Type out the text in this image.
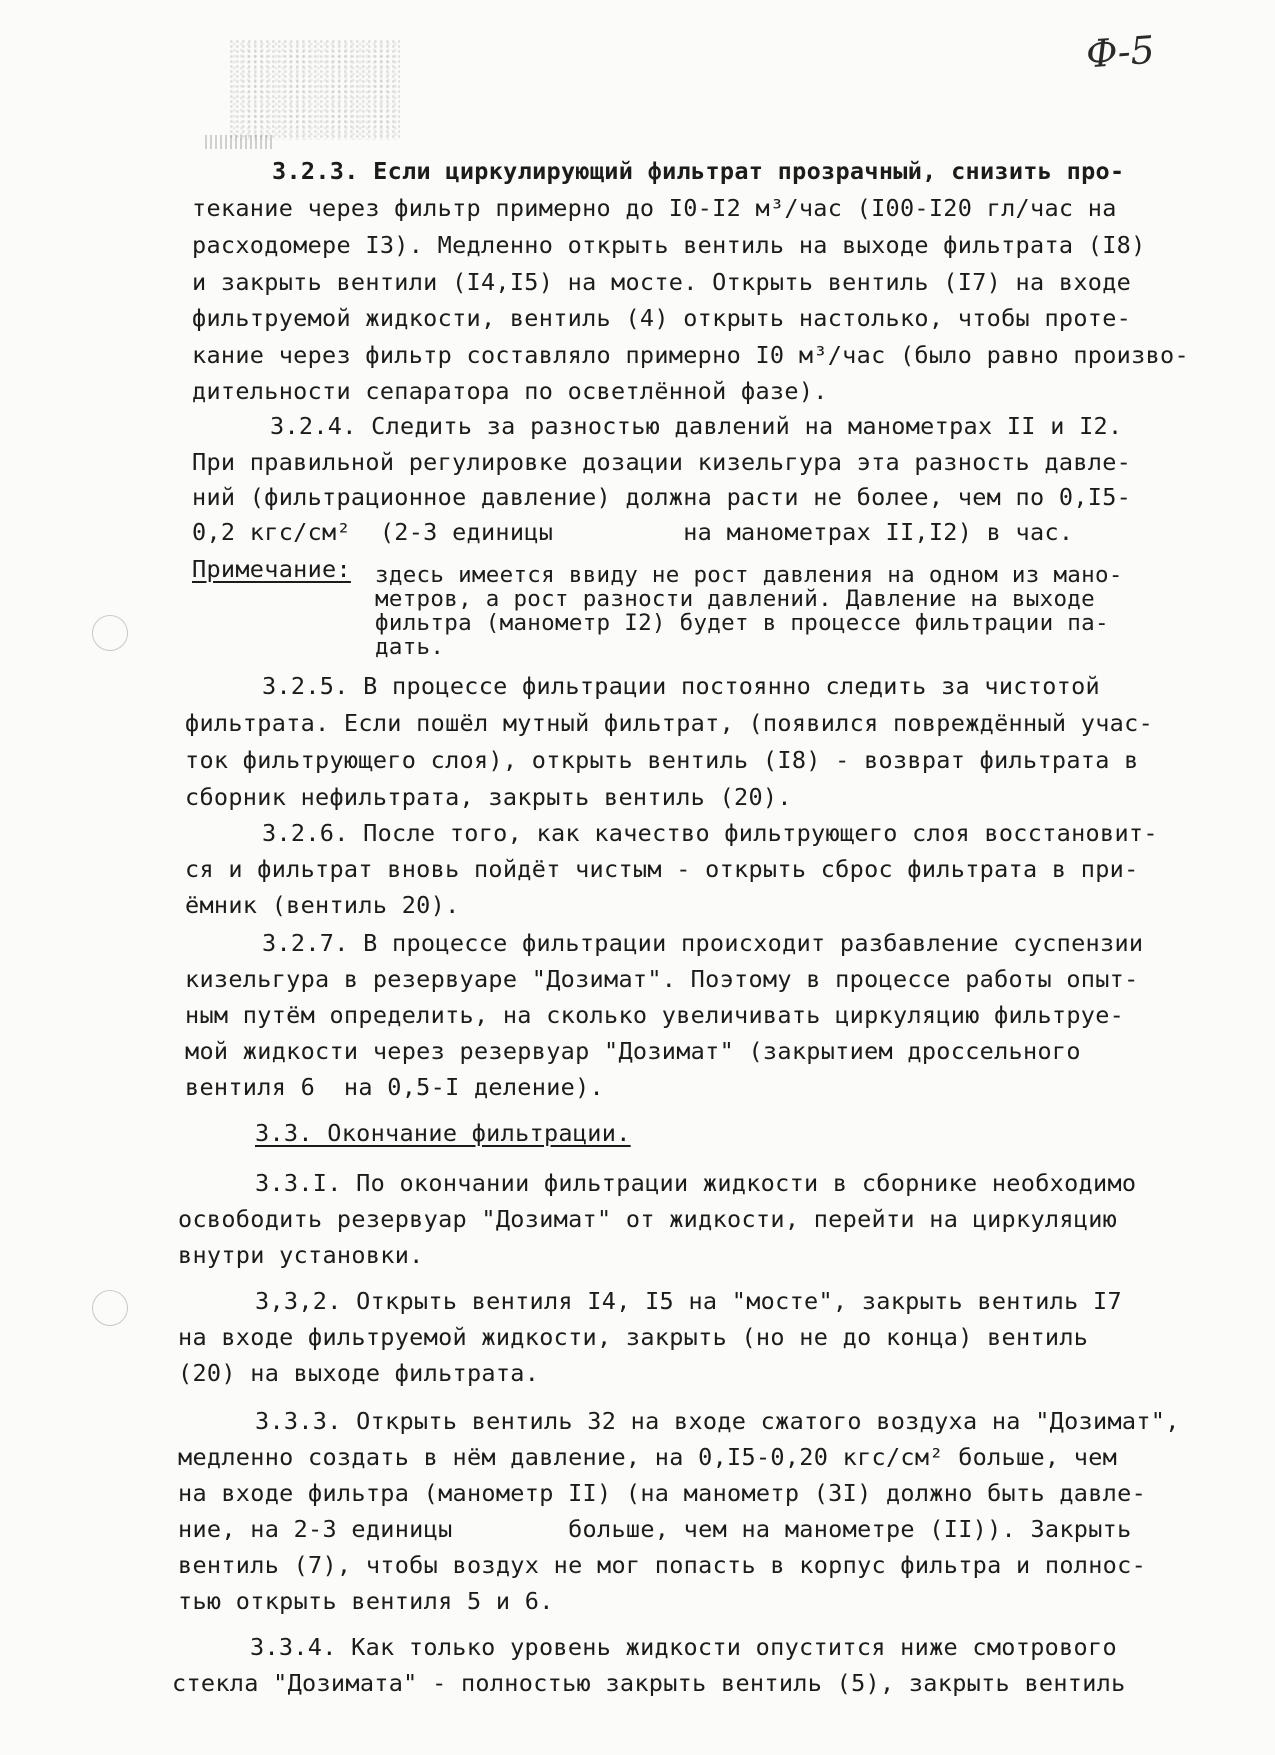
Ф-5
3.2.3. Если циркулирующий фильтрат прозрачный, снизить про-
текание через фильтр примерно до I0-I2 м³/час (I00-I20 гл/час на
расходомере I3). Медленно открыть вентиль на выходе фильтрата (I8)
и закрыть вентили (I4,I5) на мосте. Открыть вентиль (I7) на входе
фильтруемой жидкости, вентиль (4) открыть настолько, чтобы проте-
кание через фильтр составляло примерно I0 м³/час (было равно произво-
дительности сепаратора по осветлённой фазе).
3.2.4. Следить за разностью давлений на манометрах II и I2.
При правильной регулировке дозации кизельгура эта разность давле-
ний (фильтрационное давление) должна расти не более, чем по 0,I5-
0,2 кгс/см²  (2-3 единицы         на манометрах II,I2) в час.
Примечание: здесь имеется ввиду не рост давления на одном из мано-
метров, а рост разности давлений. Давление на выходе
фильтра (манометр I2) будет в процессе фильтрации па-
дать.
3.2.5. В процессе фильтрации постоянно следить за чистотой
фильтрата. Если пошёл мутный фильтрат, (появился повреждённый учас-
ток фильтрующего слоя), открыть вентиль (I8) - возврат фильтрата в
сборник нефильтрата, закрыть вентиль (20).
3.2.6. После того, как качество фильтрующего слоя восстановит-
ся и фильтрат вновь пойдёт чистым - открыть сброс фильтрата в при-
ёмник (вентиль 20).
3.2.7. В процессе фильтрации происходит разбавление суспензии
кизельгура в резервуаре "Дозимат". Поэтому в процессе работы опыт-
ным путём определить, на сколько увеличивать циркуляцию фильтруе-
мой жидкости через резервуар "Дозимат" (закрытием дроссельного
вентиля 6  на 0,5-I деление).
3.3. Окончание фильтрации.
3.3.I. По окончании фильтрации жидкости в сборнике необходимо
освободить резервуар "Дозимат" от жидкости, перейти на циркуляцию
внутри установки.
3,3,2. Открыть вентиля I4, I5 на "мосте", закрыть вентиль I7
на входе фильтруемой жидкости, закрыть (но не до конца) вентиль
(20) на выходе фильтрата.
3.3.3. Открыть вентиль 32 на входе сжатого воздуха на "Дозимат",
медленно создать в нём давление, на 0,I5-0,20 кгс/см² больше, чем
на входе фильтра (манометр II) (на манометр (3I) должно быть давле-
ние, на 2-3 единицы        больше, чем на манометре (II)). Закрыть
вентиль (7), чтобы воздух не мог попасть в корпус фильтра и полнос-
тью открыть вентиля 5 и 6.
3.3.4. Как только уровень жидкости опустится ниже смотрового
стекла "Дозимата" - полностью закрыть вентиль (5), закрыть вентиль
